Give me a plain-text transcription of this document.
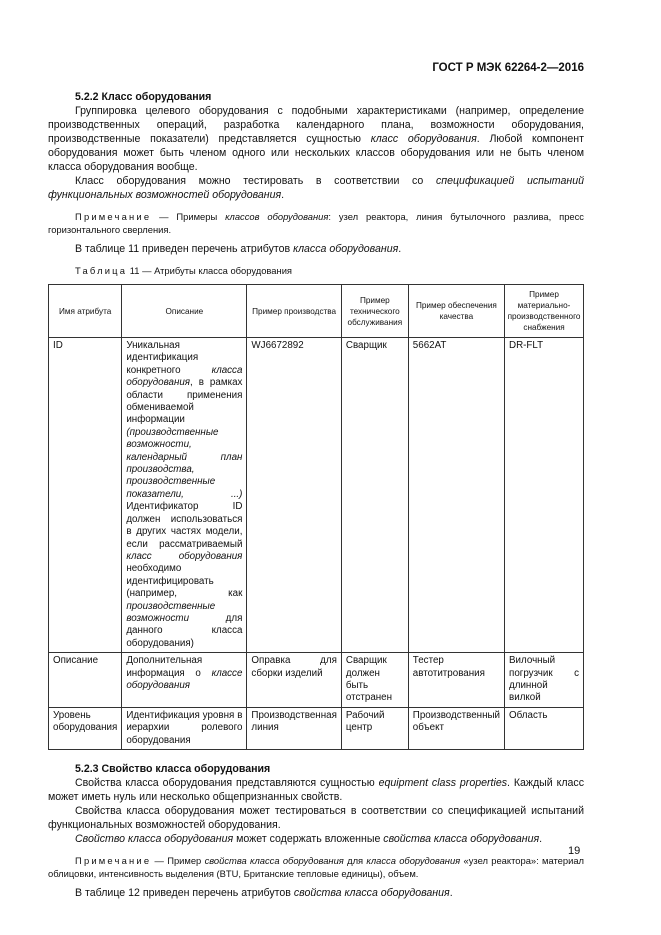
ГОСТ Р МЭК 62264-2—2016
5.2.2 Класс оборудования

Группировка целевого оборудования с подобными характеристиками (например, определение производственных операций, разработка календарного плана, возможности оборудования, производственные показатели) представляется сущностью класс оборудования. Любой компонент оборудования может быть членом одного или нескольких классов оборудования или не быть членом класса оборудования вообще.

Класс оборудования можно тестировать в соответствии со спецификацией испытаний функциональных возможностей оборудования.

Примечание — Примеры классов оборудования: узел реактора, линия бутылочного разлива, пресс горизонтального сверления.

В таблице 11 приведен перечень атрибутов класса оборудования.

Таблица 11 — Атрибуты класса оборудования

Имя атрибута	Описание	Пример производства	Пример технического обслуживания	Пример обеспечения качества	Пример материально-производственного снабжения
ID	Уникальная идентификация конкретного класса оборудования, в рамках области применения обмениваемой информации (производственные возможности, календарный план производства, производственные показатели, ...) Идентификатор ID должен использоваться в других частях модели, если рассматриваемый класс оборудования необходимо идентифицировать (например, как производственные возможности для данного класса оборудования)	WJ6672892	Сварщик	5662AT	DR-FLT
Описание	Дополнительная информация о классе оборудования	Оправка для сборки изделий	Сварщик должен быть отстранен	Тестер автотитрования	Вилочный погрузчик с длинной вилкой
Уровень оборудования	Идентификация уровня в иерархии ролевого оборудования	Производственная линия	Рабочий центр	Производственный объект	Область
5.2.3 Свойство класса оборудования

Свойства класса оборудования представляются сущностью equipment class properties. Каждый класс может иметь нуль или несколько общепризнанных свойств.

Свойства класса оборудования может тестироваться в соответствии со спецификацией испытаний функциональных возможностей оборудования.

Свойство класса оборудования может содержать вложенные свойства класса оборудования.

Примечание — Пример свойства класса оборудования для класса оборудования «узел реактора»: материал облицовки, интенсивность выделения (BTU, Британские тепловые единицы), объем.

В таблице 12 приведен перечень атрибутов свойства класса оборудования.

19
